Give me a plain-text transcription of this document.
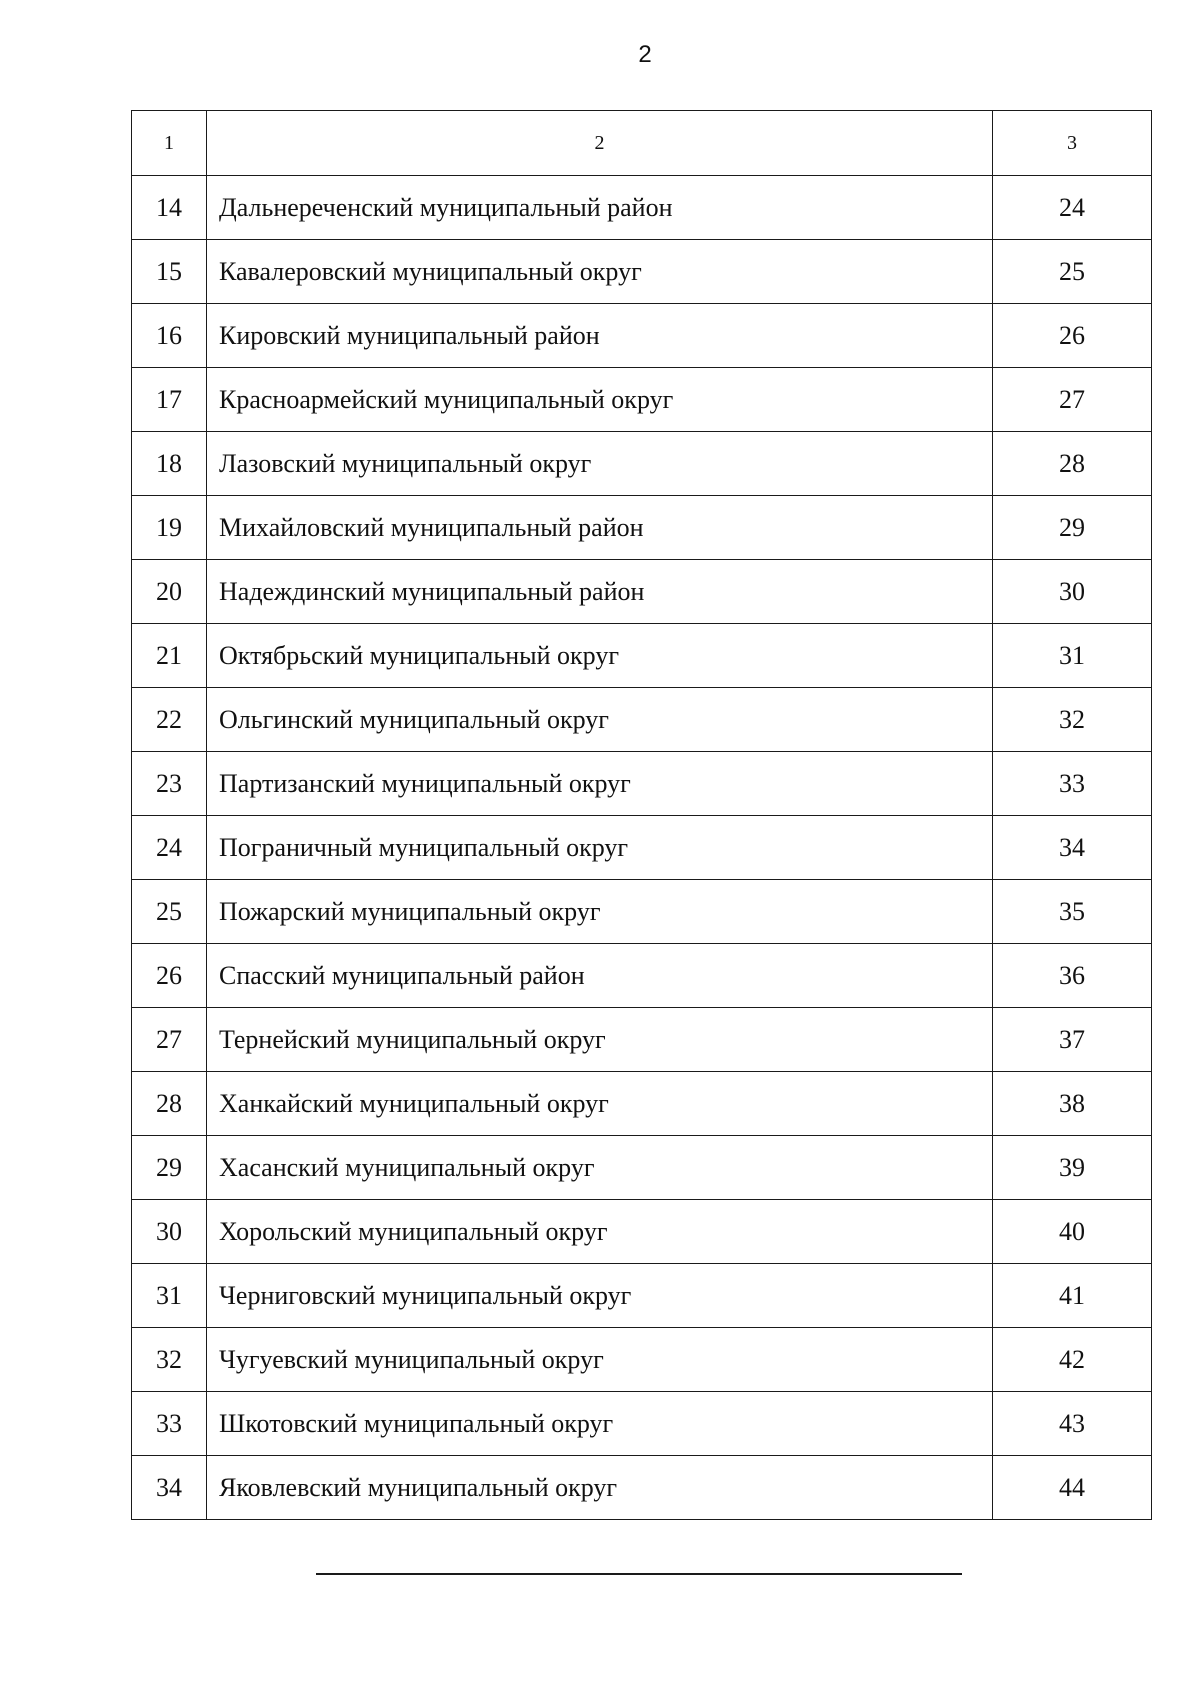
2
1	2	3
14	Дальнереченский муниципальный район	24
15	Кавалеровский муниципальный округ	25
16	Кировский муниципальный район	26
17	Красноармейский муниципальный округ	27
18	Лазовский муниципальный округ	28
19	Михайловский муниципальный район	29
20	Надеждинский муниципальный район	30
21	Октябрьский муниципальный округ	31
22	Ольгинский муниципальный округ	32
23	Партизанский муниципальный округ	33
24	Пограничный муниципальный округ	34
25	Пожарский муниципальный округ	35
26	Спасский муниципальный район	36
27	Тернейский муниципальный округ	37
28	Ханкайский муниципальный округ	38
29	Хасанский муниципальный округ	39
30	Хорольский муниципальный округ	40
31	Черниговский муниципальный округ	41
32	Чугуевский муниципальный округ	42
33	Шкотовский муниципальный округ	43
34	Яковлевский муниципальный округ	44
